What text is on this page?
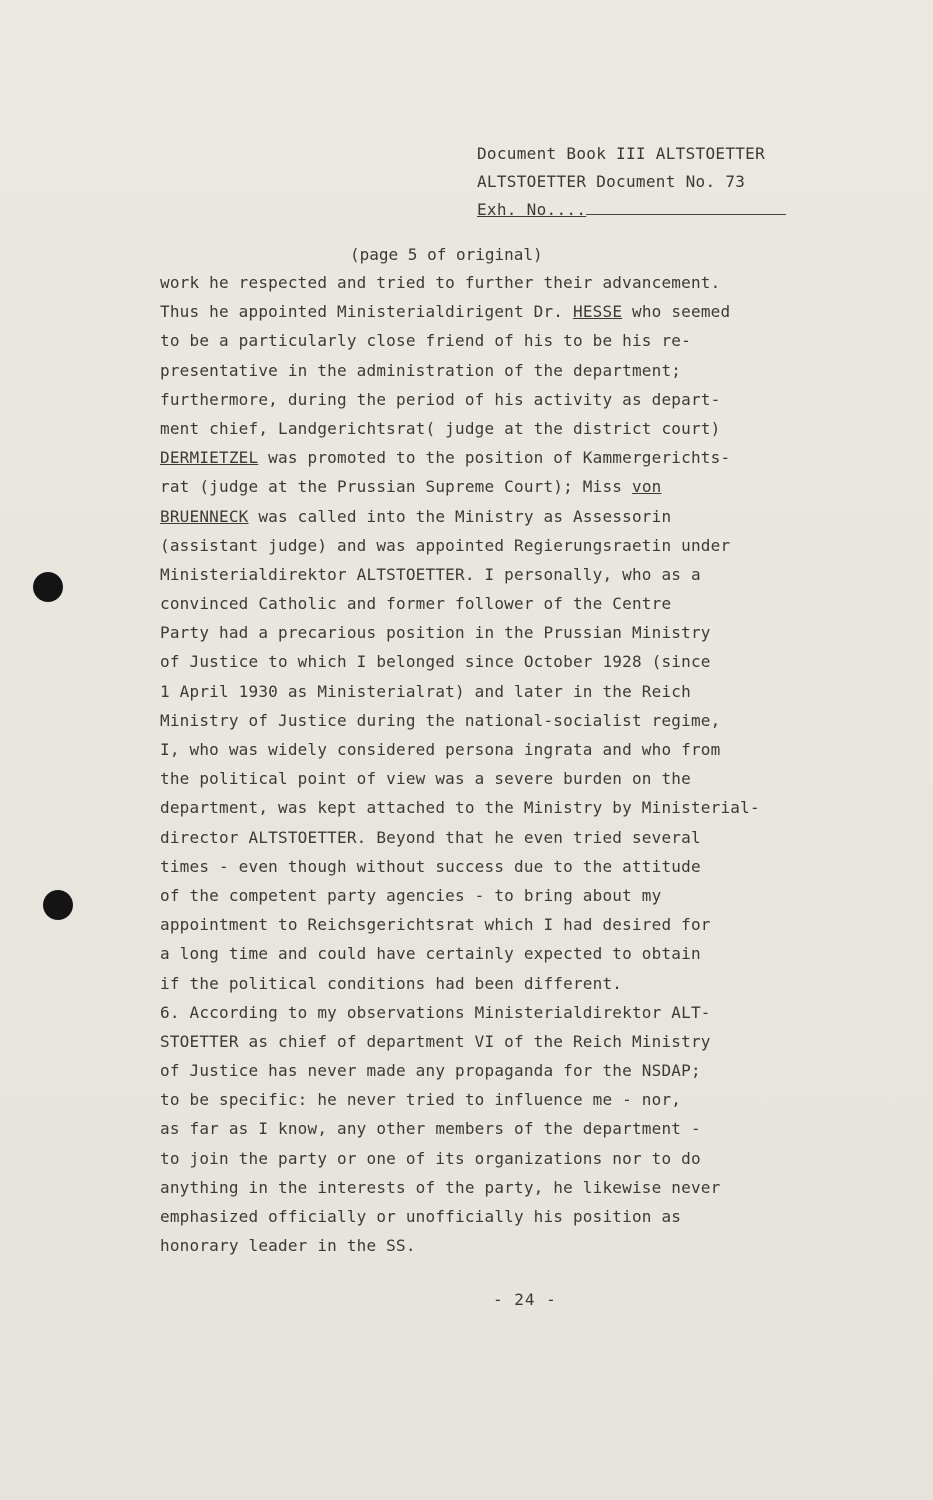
Document Book III ALTSTOETTER
ALTSTOETTER Document No. 73
Exh. No....
(page 5 of original)
work he respected and tried to further their advancement.
Thus he appointed Ministerialdirigent Dr. HESSE who seemed
to be a particularly close friend of his to be his re-
presentative in the administration of the department;
furthermore, during the period of his activity as depart-
ment chief, Landgerichtsrat( judge at the district court)
DERMIETZEL was promoted to the position of Kammergerichts-
rat (judge at the Prussian Supreme Court); Miss von
BRUENNECK was called into the Ministry as Assessorin
(assistant judge) and was appointed Regierungsraetin under
Ministerialdirektor ALTSTOETTER. I personally, who as a
convinced Catholic and former follower of the Centre
Party had a precarious position in the Prussian Ministry
of Justice to which I belonged since October 1928 (since
1 April 1930 as Ministerialrat) and later in the Reich
Ministry of Justice during the national-socialist regime,
I, who was widely considered persona ingrata and who from
the political point of view was a severe burden on the
department, was kept attached to the Ministry by Ministerial-
director ALTSTOETTER. Beyond that he even tried several
times - even though without success due to the attitude
of the competent party agencies - to bring about my
appointment to Reichsgerichtsrat which I had desired for
a long time and could have certainly expected to obtain
if the political conditions had been different.
6. According to my observations Ministerialdirektor ALT-
STOETTER as chief of department VI of the Reich Ministry
of Justice has never made any propaganda for the NSDAP;
to be specific: he never tried to influence me - nor,
as far as I know, any other members of the department -
to join the party or one of its organizations nor to do
anything in the interests of the party, he likewise never
emphasized officially or unofficially his position as
honorary leader in the SS.
- 24 -
